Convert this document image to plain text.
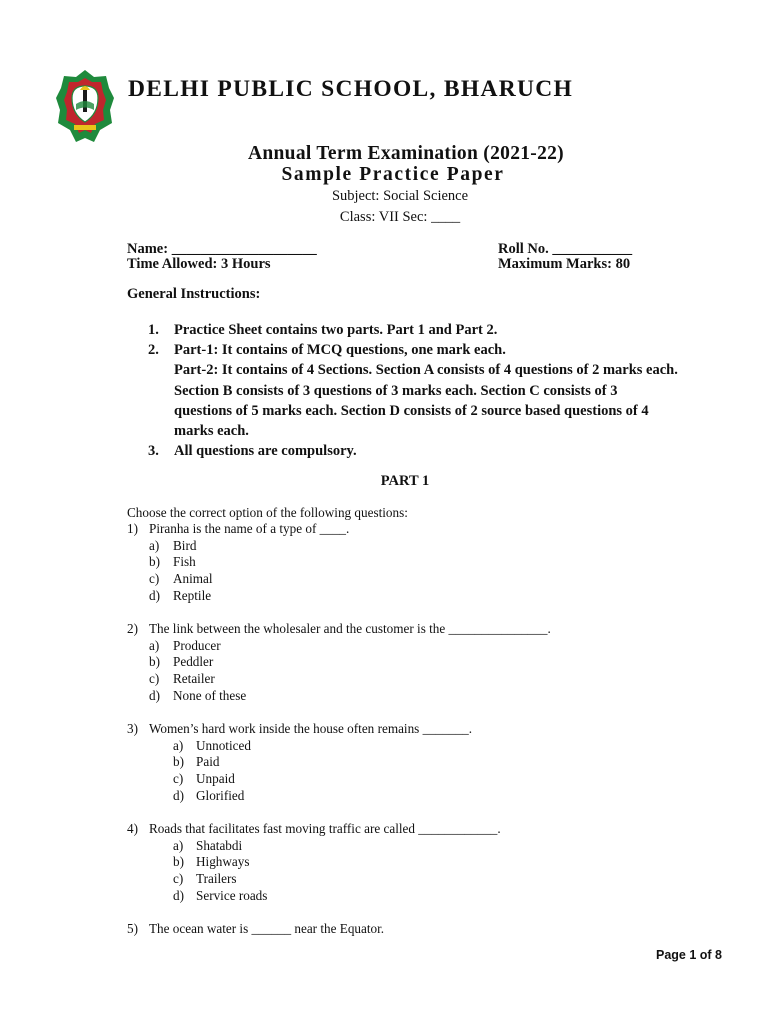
DELHI PUBLIC SCHOOL, BHARUCH
Annual Term Examination (2021-22)
Sample Practice Paper
Subject: Social Science
Class: VII Sec: ____
Name: ____________________	Roll No. ___________
Time Allowed: 3 Hours	Maximum Marks: 80
General Instructions:
1. Practice Sheet contains two parts. Part 1 and Part 2.
2. Part-1: It contains of MCQ questions, one mark each.
Part-2: It contains of 4 Sections. Section A consists of 4 questions of 2 marks each. Section B consists of 3 questions of 3 marks each. Section C consists of 3 questions of 5 marks each. Section D consists of 2 source based questions of 4 marks each.
3. All questions are compulsory.
PART 1
Choose the correct option of the following questions:
1) Piranha is the name of a type of ____.
a) Bird
b) Fish
c) Animal
d) Reptile
2) The link between the wholesaler and the customer is the _______________.
a) Producer
b) Peddler
c) Retailer
d) None of these
3) Women’s hard work inside the house often remains _______.
a) Unnoticed
b) Paid
c) Unpaid
d) Glorified
4) Roads that facilitates fast moving traffic are called ____________.
a) Shatabdi
b) Highways
c) Trailers
d) Service roads
5) The ocean water is ______ near the Equator.
Page 1 of 8
